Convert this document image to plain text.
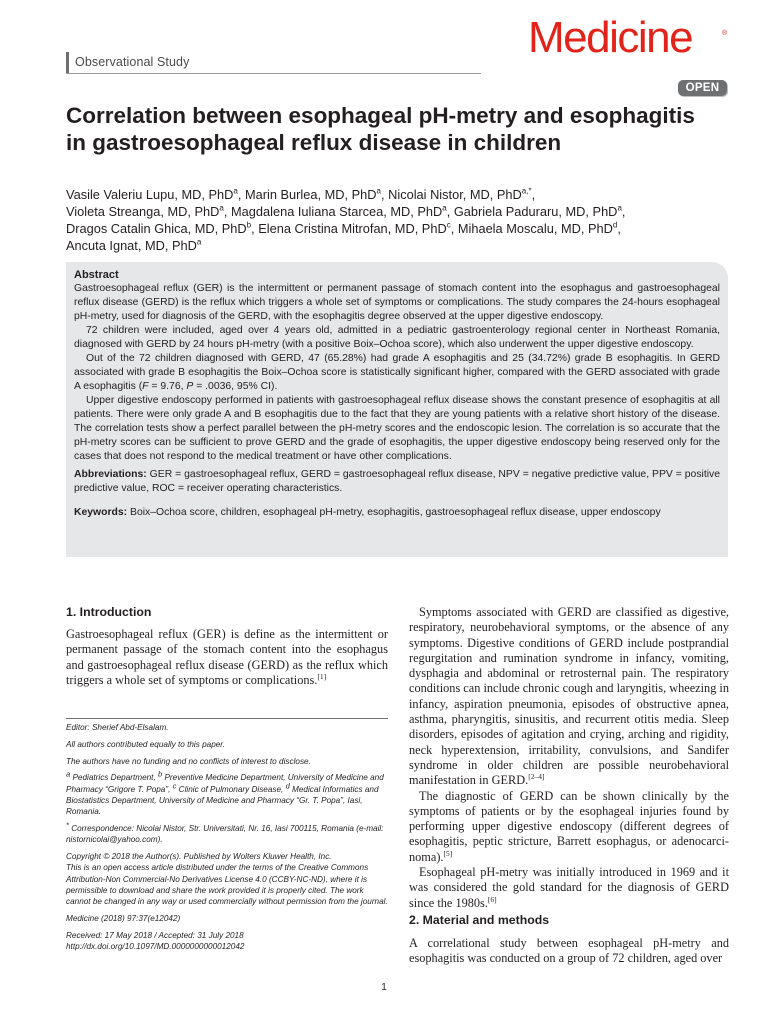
Observational Study	Medicine	®
OPEN
Correlation between esophageal pH-metry and esophagitis in gastroesophageal reflux disease in children
Vasile Valeriu Lupu, MD, PhD$^a$, Marin Burlea, MD, PhD$^a$, Nicolai Nistor, MD, PhD$^{a,*}$,
Violeta Streanga, MD, PhD$^a$, Magdalena Iuliana Starcea, MD, PhD$^a$, Gabriela Paduraru, MD, PhD$^a$,
Dragos Catalin Ghica, MD, PhD$^b$, Elena Cristina Mitrofan, MD, PhD$^c$, Mihaela Moscalu, MD, PhD$^d$,
Ancuta Ignat, MD, PhD$^a$
Abstract

Gastroesophageal reflux (GER) is the intermittent or permanent passage of stomach content into the esophagus and gastroesophageal reflux disease (GERD) is the reflux which triggers a whole set of symptoms or complications. The study compares the 24-hours esophageal pH-metry, used for diagnosis of the GERD, with the esophagitis degree observed at the upper digestive endoscopy.

72 children were included, aged over 4 years old, admitted in a pediatric gastroenterology regional center in Northeast Romania, diagnosed with GERD by 24 hours pH-metry (with a positive Boix–Ochoa score), which also underwent the upper digestive endoscopy.

Out of the 72 children diagnosed with GERD, 47 (65.28%) had grade A esophagitis and 25 (34.72%) grade B esophagitis. In GERD associated with grade B esophagitis the Boix–Ochoa score is statistically significant higher, compared with the GERD associated with grade A esophagitis (F = 9.76, P = .0036, 95% CI).

Upper digestive endoscopy performed in patients with gastroesophageal reflux disease shows the constant presence of esophagitis at all patients. There were only grade A and B esophagitis due to the fact that they are young patients with a relative short history of the disease. The correlation tests show a perfect parallel between the pH-metry scores and the endoscopic lesion. The correlation is so accurate that the pH-metry scores can be sufficient to prove GERD and the grade of esophagitis, the upper digestive endoscopy being reserved only for the cases that does not respond to the medical treatment or have other complications.

Abbreviations: GER = gastroesophageal reflux, GERD = gastroesophageal reflux disease, NPV = negative predictive value, PPV = positive predictive value, ROC = receiver operating characteristics.

Keywords: Boix–Ochoa score, children, esophageal pH-metry, esophagitis, gastroesophageal reflux disease, upper endoscopy

1. Introduction
Gastroesophageal reflux (GER) is define as the intermittent or permanent passage of the stomach content into the esophagus and gastroesophageal reflux disease (GERD) as the reflux which triggers a whole set of symptoms or complications.[1]

Editor: Sherief Abd-Elsalam.

All authors contributed equally to this paper.

The authors have no funding and no conflicts of interest to disclose.

$^a$ Pediatrics Department, $^b$ Preventive Medicine Department, University of Medicine and Pharmacy “Grigore T. Popa”, $^c$ Clinic of Pulmonary Disease, $^d$ Medical Informatics and Biostatistics Department, University of Medicine and Pharmacy “Gr. T. Popa”, Iasi, Romania.

* Correspondence: Nicolai Nistor, Str. Universitati, Nr. 16, Iasi 700115, Romania (e-mail: nistornicolai@yahoo.com).

Copyright © 2018 the Author(s). Published by Wolters Kluwer Health, Inc.

This is an open access article distributed under the terms of the Creative Commons Attribution-Non Commercial-No Derivatives License 4.0 (CCBY-NC-ND), where it is permissible to download and share the work provided it is properly cited. The work cannot be changed in any way or used commercially without permission from the journal.

Medicine (2018) 97:37(e12042)

Received: 17 May 2018 / Accepted: 31 July 2018

http://dx.doi.org/10.1097/MD.0000000000012042

Symptoms associated with GERD are classified as digestive, respiratory, neurobehavioral symptoms, or the absence of any symptoms. Digestive conditions of GERD include postprandial regurgitation and rumination syndrome in infancy, vomiting, dysphagia and abdominal or retrosternal pain. The respiratory conditions can include chronic cough and laryngitis, wheezing in infancy, aspiration pneumonia, episodes of obstructive apnea, asthma, pharyngitis, sinusitis, and recurrent otitis media. Sleep disorders, episodes of agitation and crying, arching and rigidity, neck hyperextension, irritability, convulsions, and Sandifer syndrome in older children are possible neurobehavioral manifestation in GERD.[2–4]

The diagnostic of GERD can be shown clinically by the symptoms of patients or by the esophageal injuries found by performing upper digestive endoscopy (different degrees of esophagitis, peptic stricture, Barrett esophagus, or adenocarci-noma).[5]

Esophageal pH-metry was initially introduced in 1969 and it was considered the gold standard for the diagnosis of GERD since the 1980s.[6]

2. Material and methods
A correlational study between esophageal pH-metry and esophagitis was conducted on a group of 72 children, aged over
1
